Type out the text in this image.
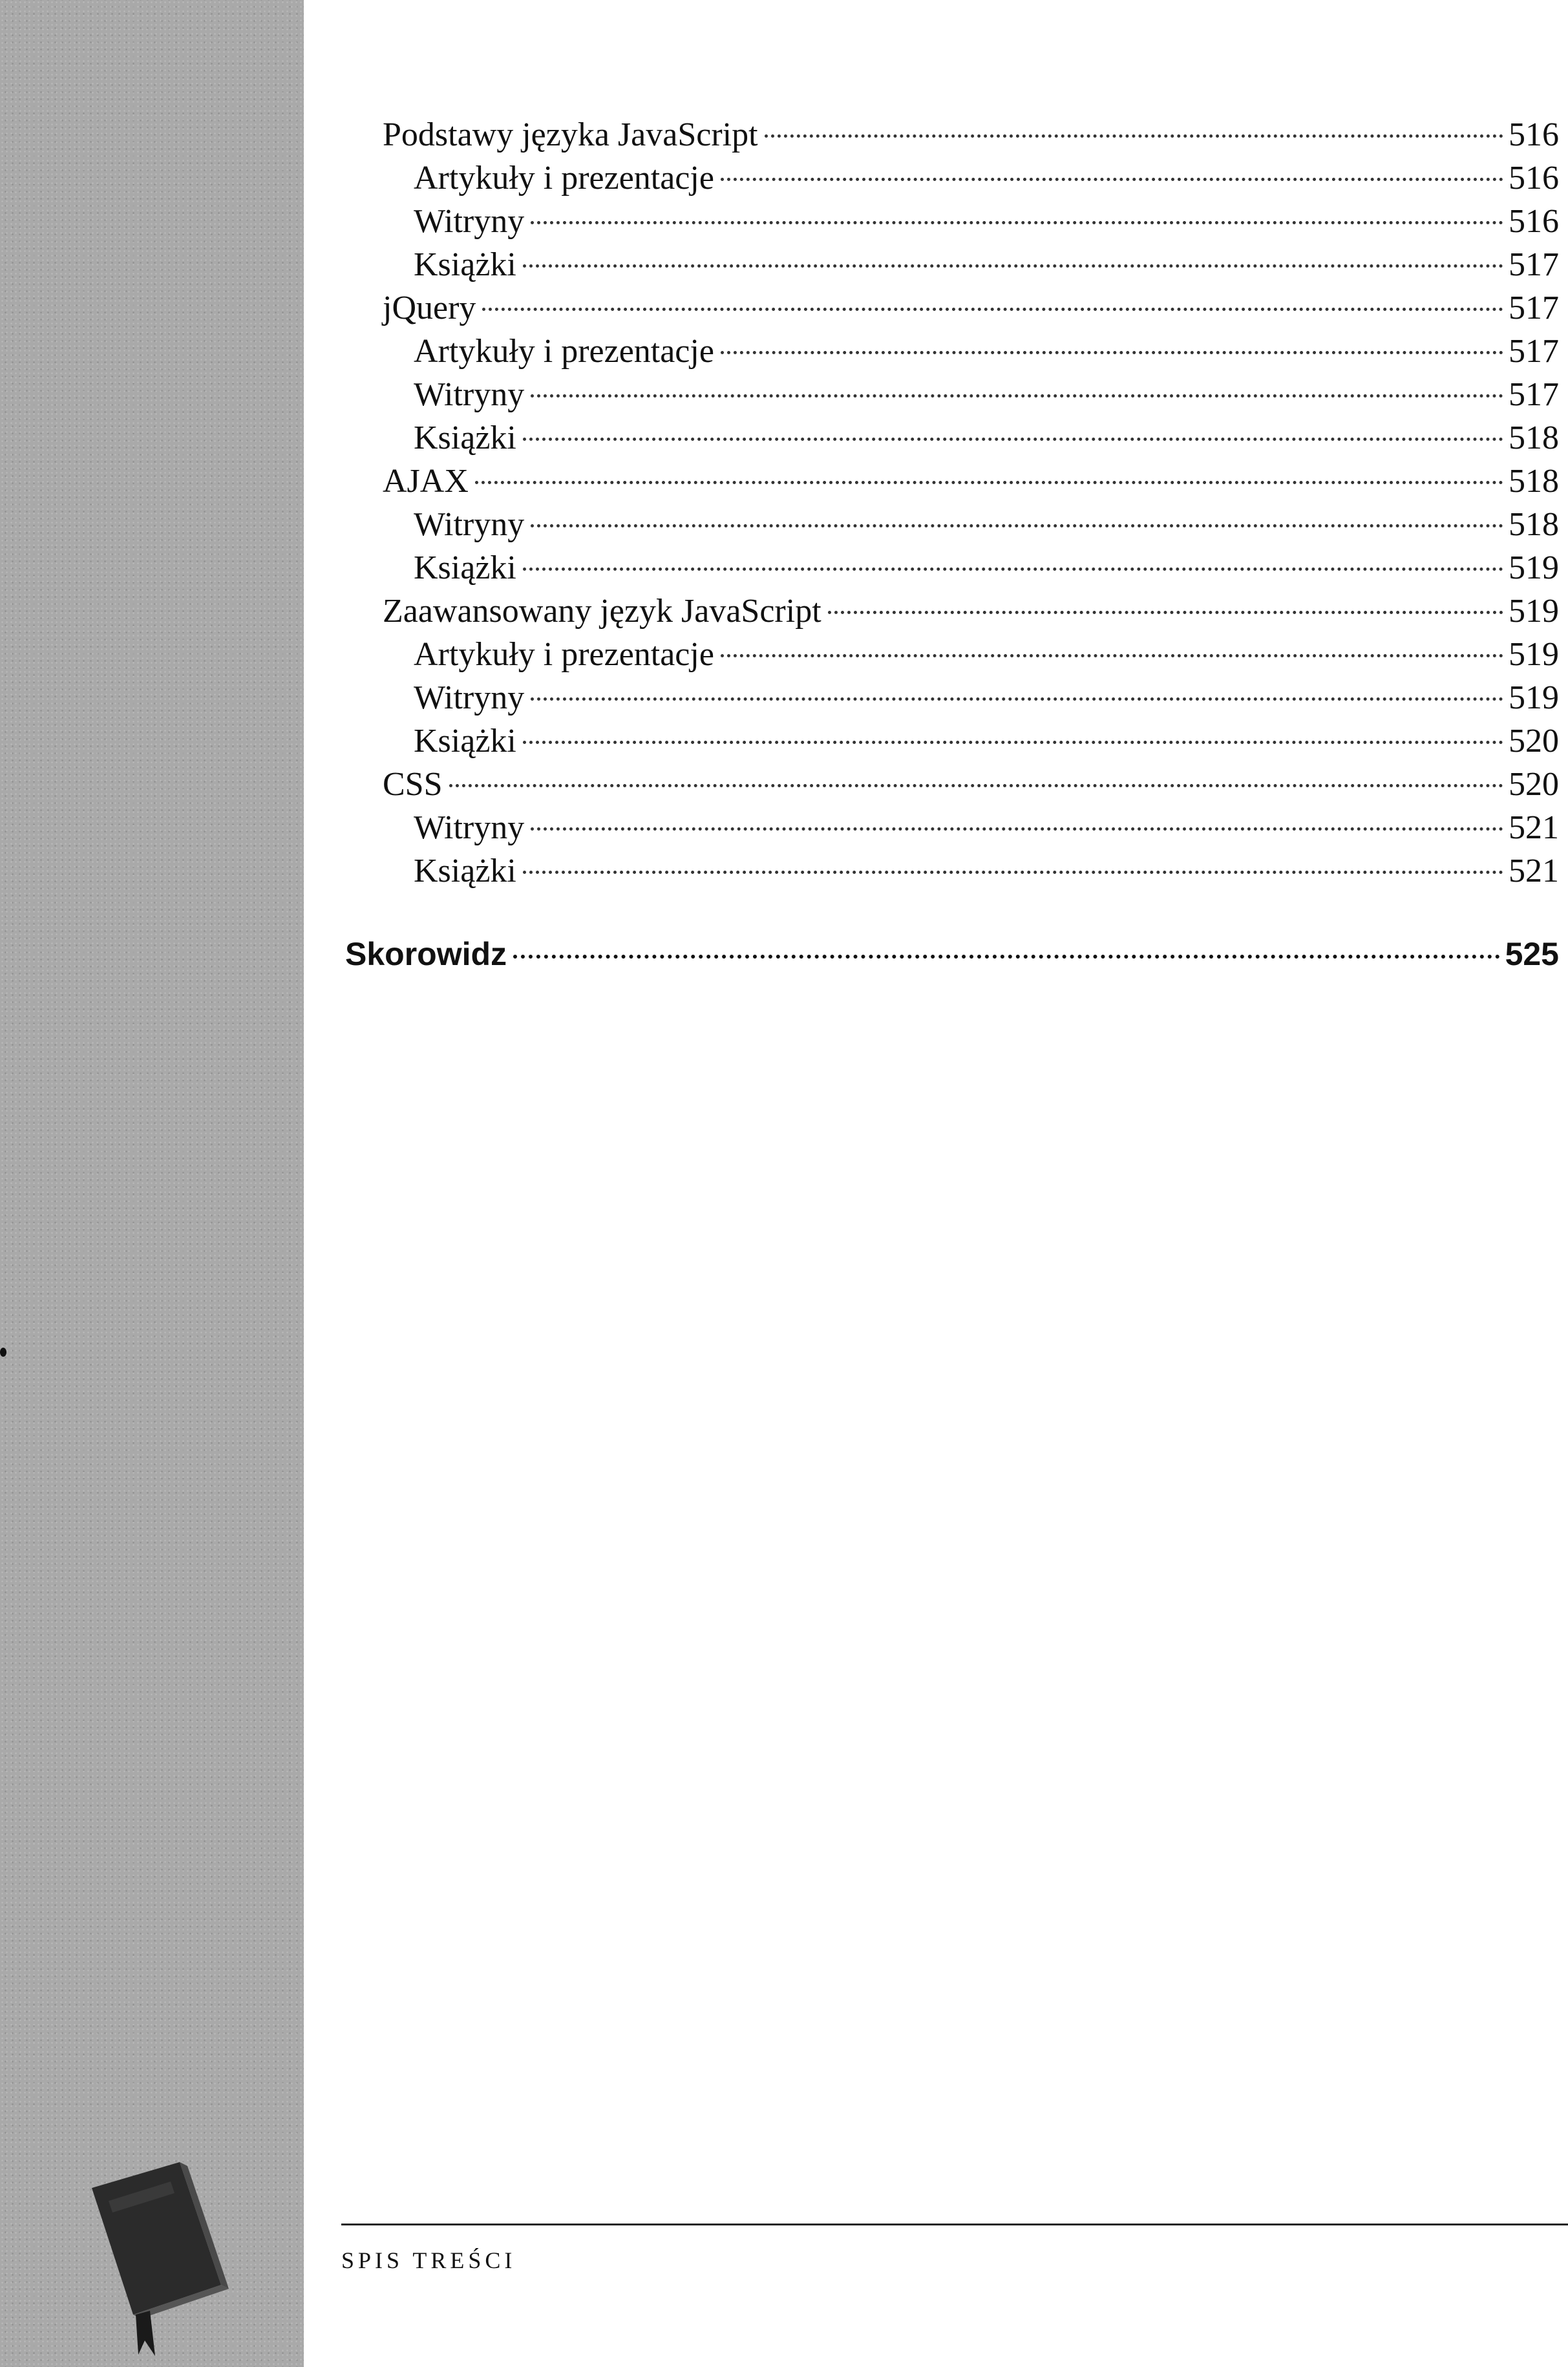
Podstawy języka JavaScript	516
Artykuły i prezentacje	516
Witryny	516
Książki	517
jQuery	517
Artykuły i prezentacje	517
Witryny	517
Książki	518
AJAX	518
Witryny	518
Książki	519
Zaawansowany język JavaScript	519
Artykuły i prezentacje	519
Witryny	519
Książki	520
CSS	520
Witryny	521
Książki	521
Skorowidz	525
SPIS TREŚCI
